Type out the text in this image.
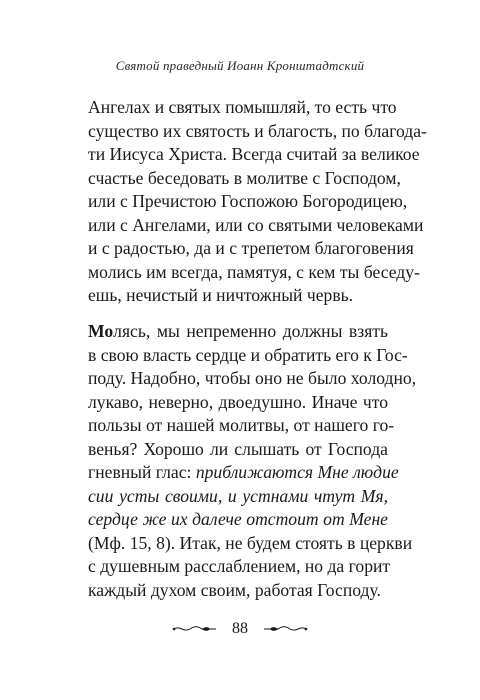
Святой праведный Иоанн Кронштадтский

Ангелах и святых помышляй, то есть что
существо их святость и благость, по благода-
ти Иисуса Христа. Всегда считай за великое
счастье беседовать в молитве с Господом,
или с Пречистою Госпожою Богородицею,
или с Ангелами, или со святыми человеками
и с радостью, да и с трепетом благоговения
молись им всегда, памятуя, с кем ты беседу-
ешь, нечистый и ничтожный червь.

Молясь, мы непременно должны взять
в свою власть сердце и обратить его к Гос-
поду. Надобно, чтобы оно не было холодно,
лукаво, неверно, двоедушно. Иначе что
пользы от нашей молитвы, от нашего го-
венья? Хорошо ли слышать от Господа
гневный глас: приближаются Мне людие
сии усты своими, и устнами чтут Мя,
сердце же их далече отстоит от Мене
(Мф. 15, 8). Итак, не будем стоять в церкви
с душевным расслаблением, но да горит
каждый духом своим, работая Господу.

88
